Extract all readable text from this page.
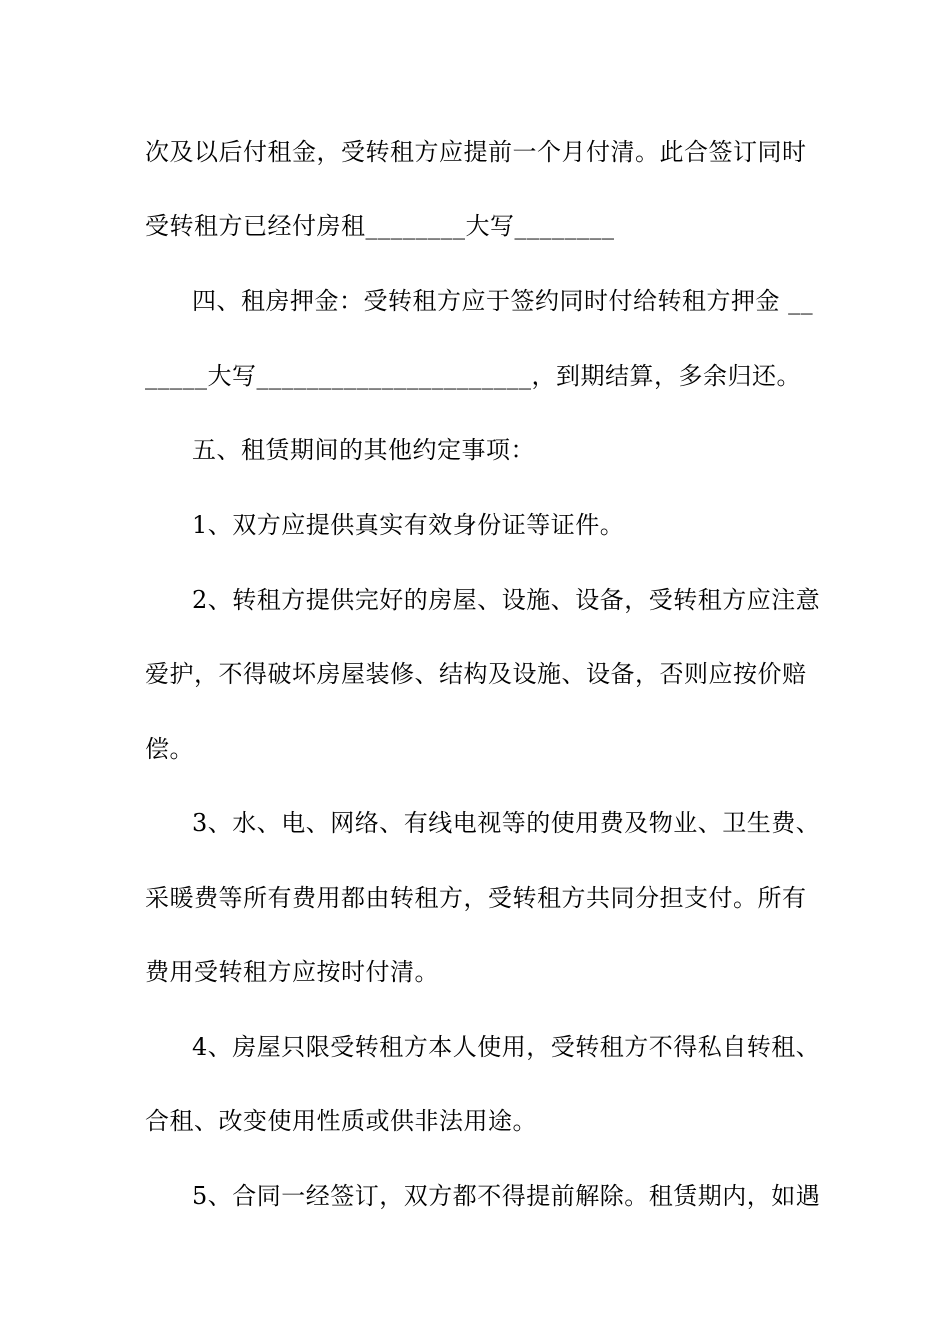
次及以后付租金，受转租方应提前一个月付清。此合签订同时
受转租方已经付房租________大写________
四、租房押金：受转租方应于签约同时付给转租方押金 __
_____大写______________________，到期结算，多余归还。
五、租赁期间的其他约定事项：
1、双方应提供真实有效身份证等证件。
2、转租方提供完好的房屋、设施、设备，受转租方应注意
爱护，不得破坏房屋装修、结构及设施、设备，否则应按价赔
偿。
3、水、电、网络、有线电视等的使用费及物业、卫生费、
采暖费等所有费用都由转租方，受转租方共同分担支付。所有
费用受转租方应按时付清。
4、房屋只限受转租方本人使用，受转租方不得私自转租、
合租、改变使用性质或供非法用途。
5、合同一经签订，双方都不得提前解除。租赁期内，如遇
